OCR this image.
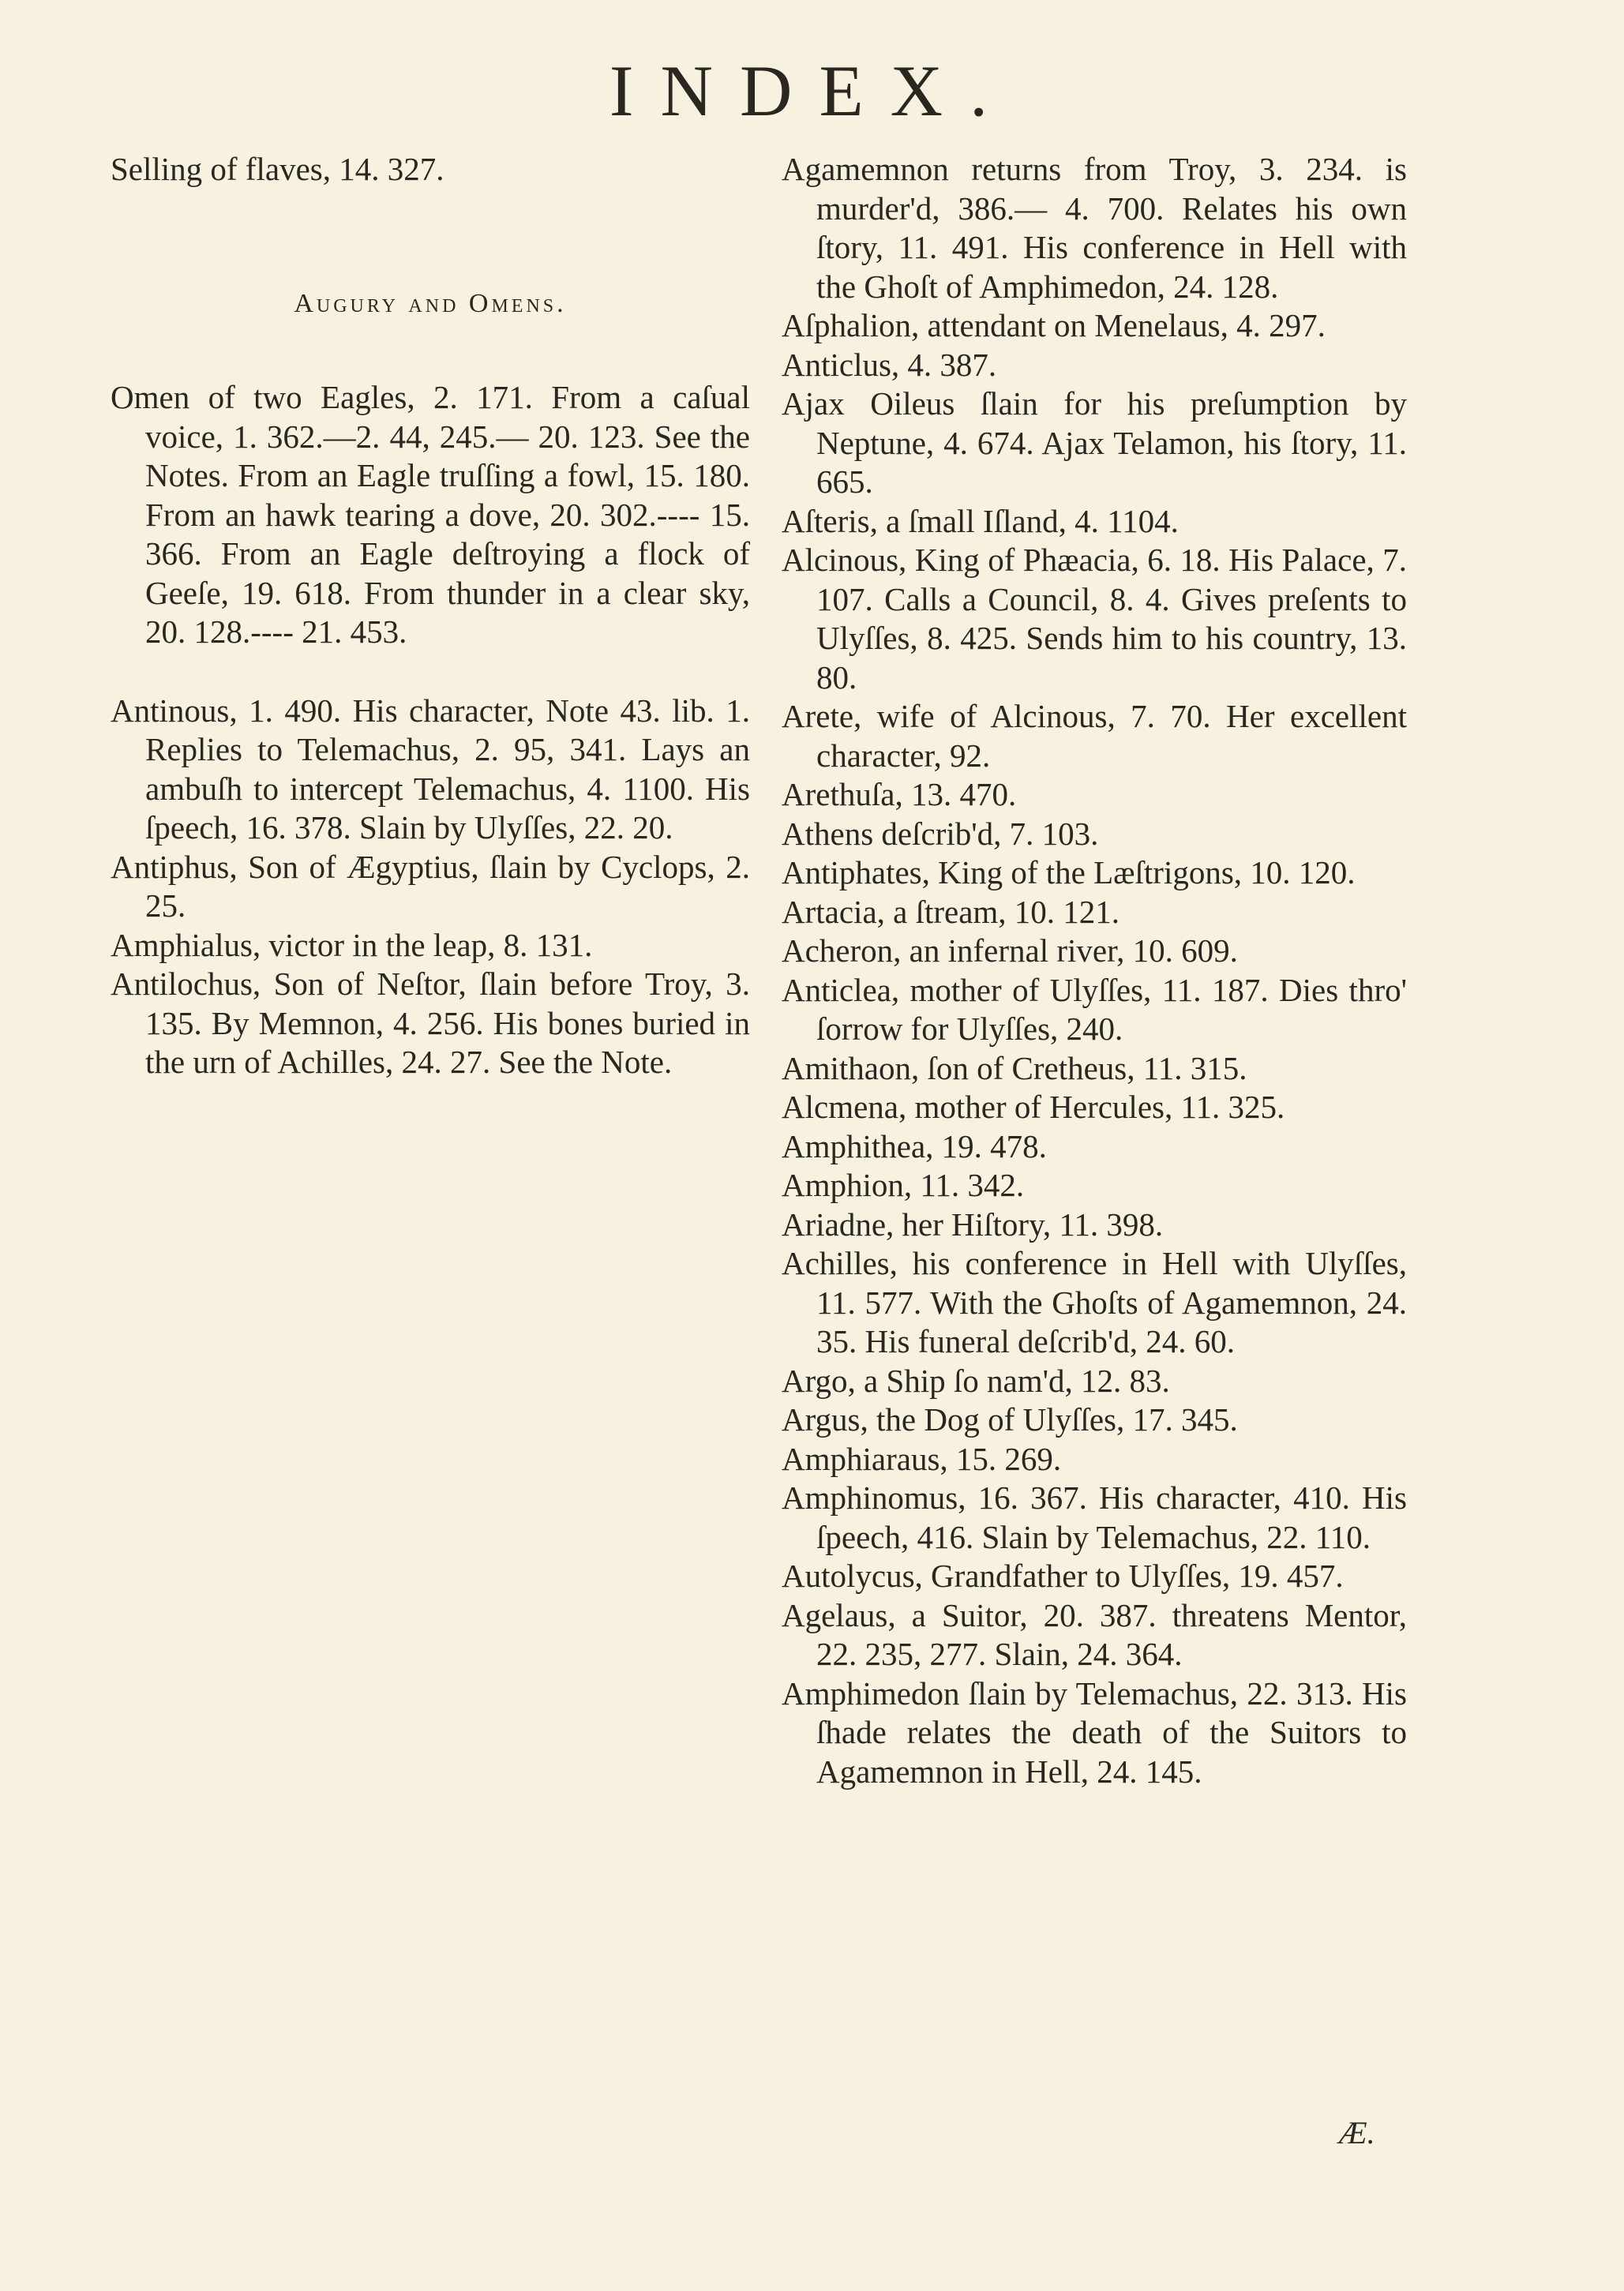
INDEX.

Selling of flaves, 14. 327.

Augury and Omens.

Omen of two Eagles, 2. 171. From a caſual voice, 1. 362.—2. 44, 245.— 20. 123. See the Notes. From an Eagle truſſing a fowl, 15. 180. From an hawk tearing a dove, 20. 302.---- 15. 366. From an Eagle deſtroying a flock of Geeſe, 19. 618. From thunder in a clear sky, 20. 128.---- 21. 453.

Antinous, 1. 490. His character, Note 43. lib. 1. Replies to Telemachus, 2. 95, 341. Lays an ambuſh to intercept Telemachus, 4. 1100. His ſpeech, 16. 378. Slain by Ulyſſes, 22. 20.

Antiphus, Son of Ægyptius, ſlain by Cyclops, 2. 25.

Amphialus, victor in the leap, 8. 131.

Antilochus, Son of Neſtor, ſlain before Troy, 3. 135. By Memnon, 4. 256. His bones buried in the urn of Achilles, 24. 27. See the Note.

Agamemnon returns from Troy, 3. 234. is murder'd, 386.— 4. 700. Relates his own ſtory, 11. 491. His conference in Hell with the Ghoſt of Amphimedon, 24. 128.

Aſphalion, attendant on Menelaus, 4. 297.

Anticlus, 4. 387.

Ajax Oileus ſlain for his preſumption by Neptune, 4. 674. Ajax Telamon, his ſtory, 11. 665.

Aſteris, a ſmall Iſland, 4. 1104.

Alcinous, King of Phæacia, 6. 18. His Palace, 7. 107. Calls a Council, 8. 4. Gives preſents to Ulyſſes, 8. 425. Sends him to his country, 13. 80.

Arete, wife of Alcinous, 7. 70. Her excellent character, 92.

Arethuſa, 13. 470.

Athens deſcrib'd, 7. 103.

Antiphates, King of the Læſtrigons, 10. 120.

Artacia, a ſtream, 10. 121.

Acheron, an infernal river, 10. 609.

Anticlea, mother of Ulyſſes, 11. 187. Dies thro' ſorrow for Ulyſſes, 240.

Amithaon, ſon of Cretheus, 11. 315.

Alcmena, mother of Hercules, 11. 325.

Amphithea, 19. 478.

Amphion, 11. 342.

Ariadne, her Hiſtory, 11. 398.

Achilles, his conference in Hell with Ulyſſes, 11. 577. With the Ghoſts of Agamemnon, 24. 35. His funeral deſcrib'd, 24. 60.

Argo, a Ship ſo nam'd, 12. 83.

Argus, the Dog of Ulyſſes, 17. 345.

Amphiaraus, 15. 269.

Amphinomus, 16. 367. His character, 410. His ſpeech, 416. Slain by Telemachus, 22. 110.

Autolycus, Grandfather to Ulyſſes, 19. 457.

Agelaus, a Suitor, 20. 387. threatens Mentor, 22. 235, 277. Slain, 24. 364.

Amphimedon ſlain by Telemachus, 22. 313. His ſhade relates the death of the Suitors to Agamemnon in Hell, 24. 145.

Æ.
